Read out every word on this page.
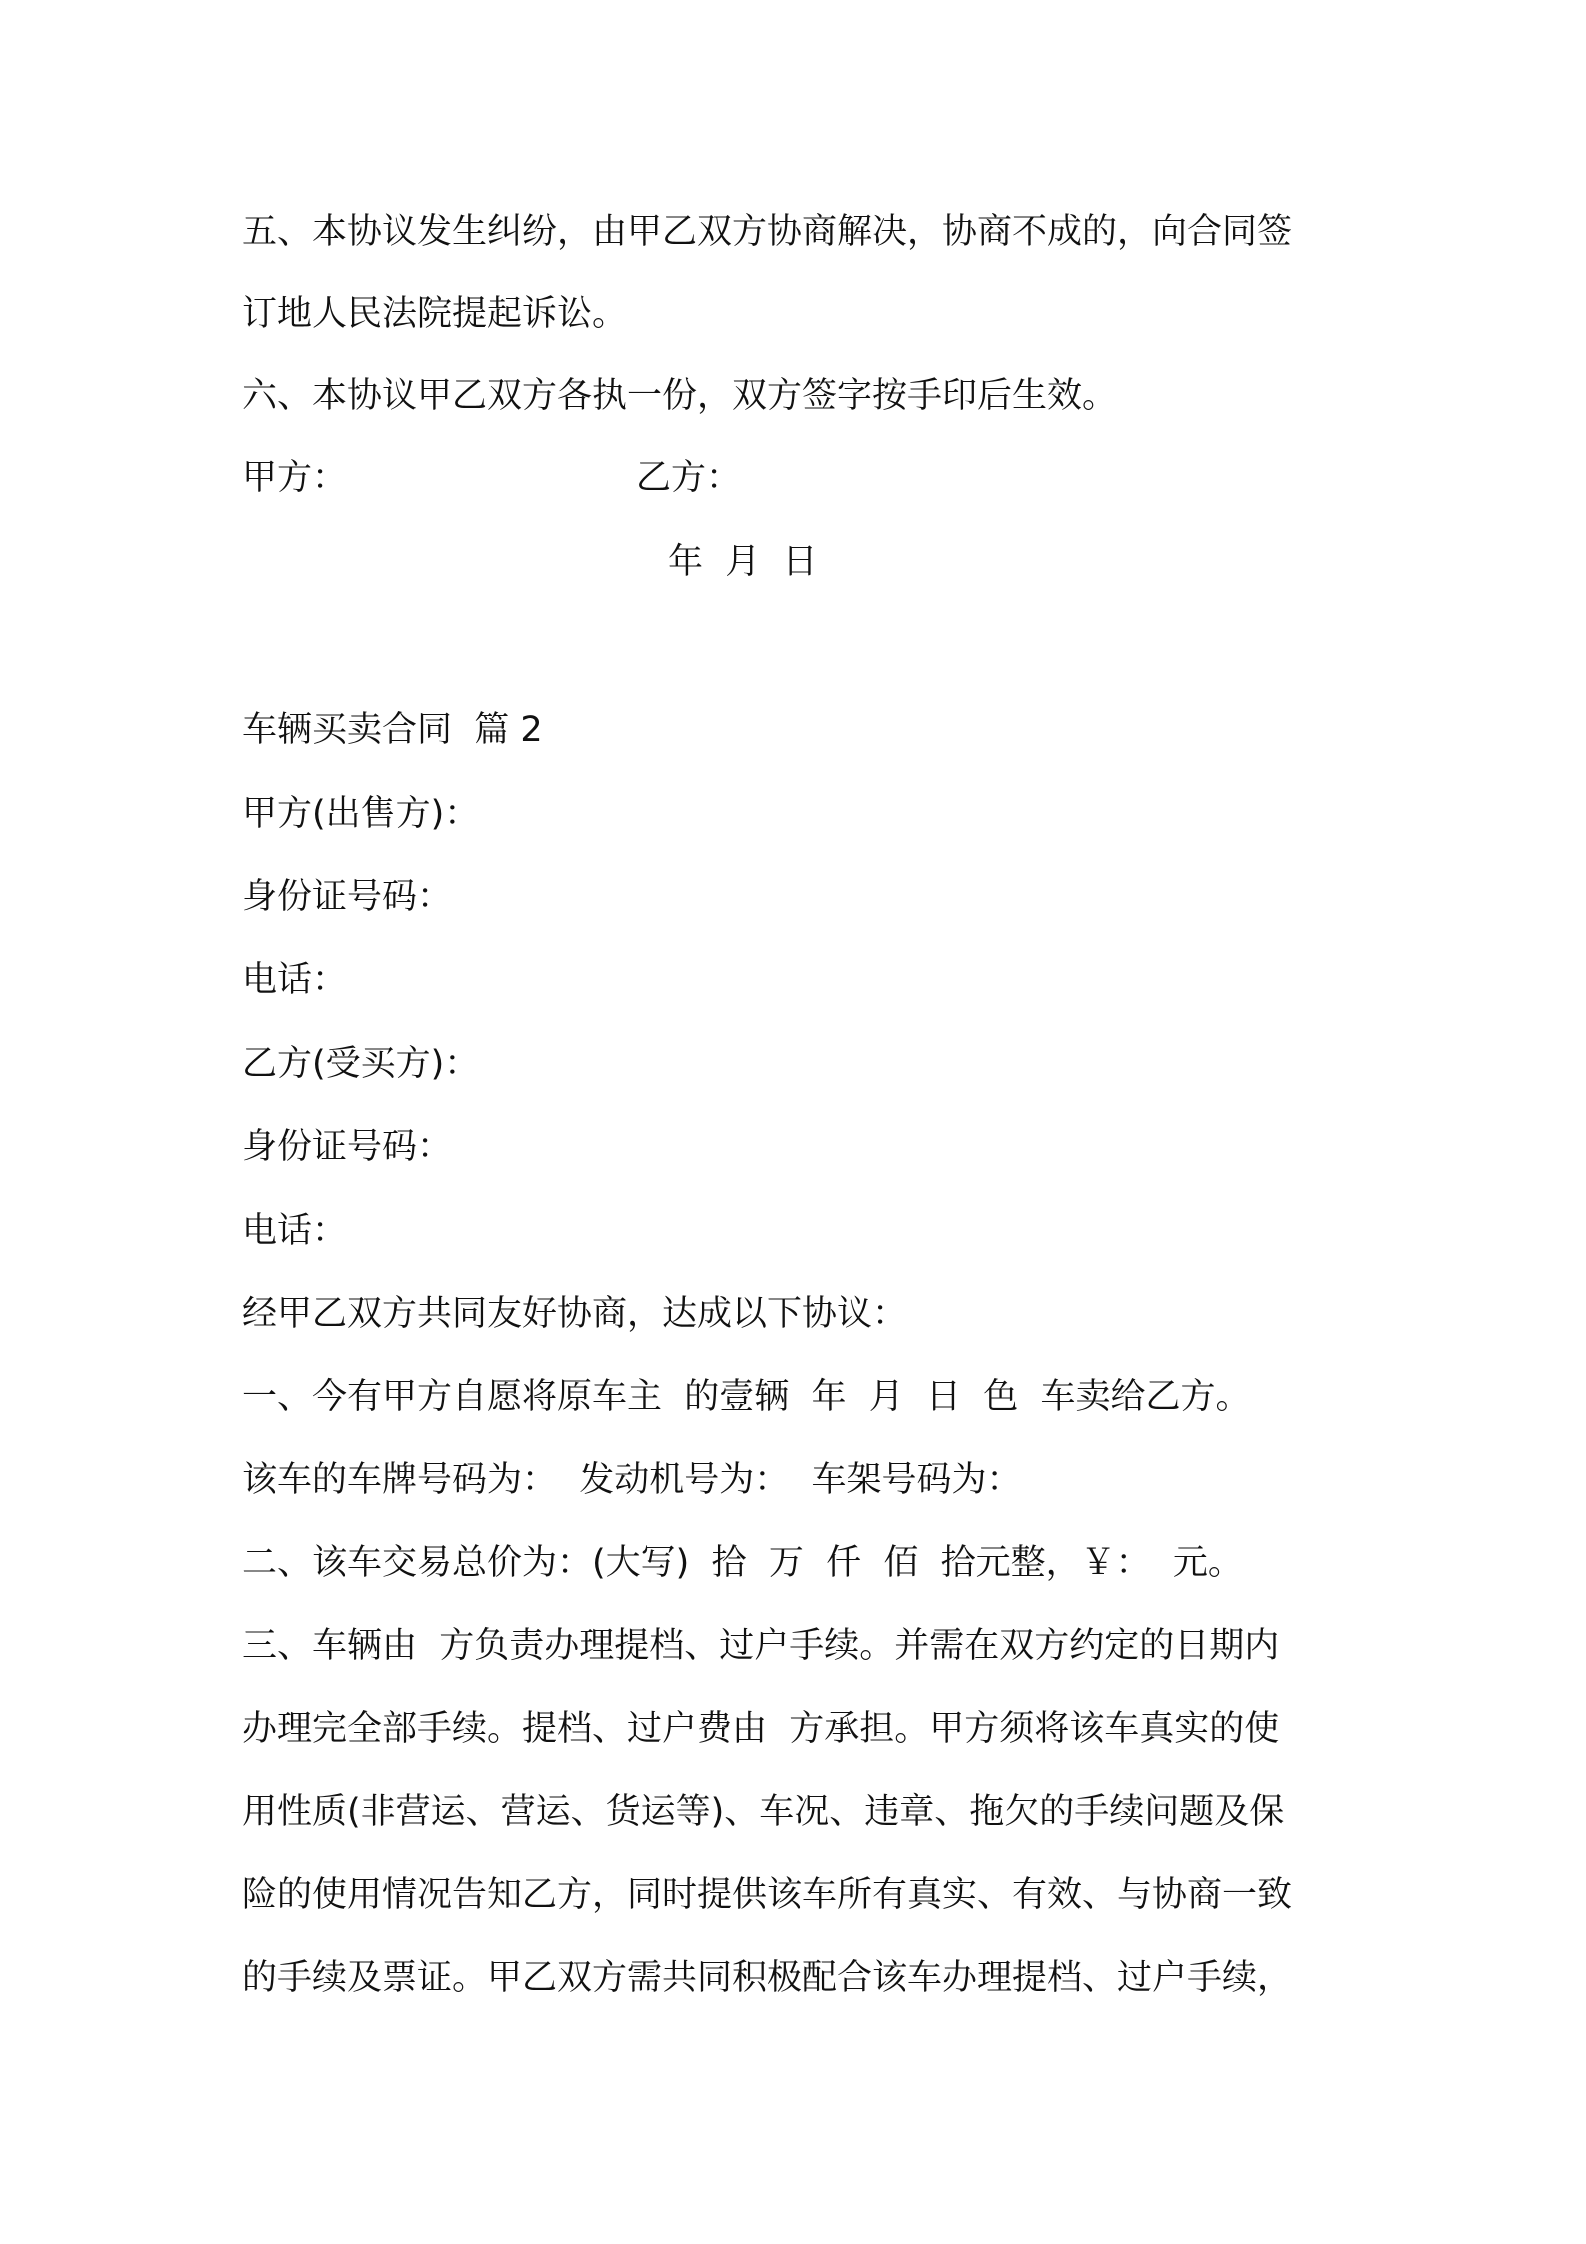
五、本协议发生纠纷，由甲乙双方协商解决，协商不成的，向合同签

订地人民法院提起诉讼。

六、本协议甲乙双方各执一份，双方签字按手印后生效。

甲方：	乙方：

年  月  日

车辆买卖合同  篇 2

甲方(出售方)：

身份证号码：

电话：

乙方(受买方)：

身份证号码：

电话：

经甲乙双方共同友好协商，达成以下协议：

一、今有甲方自愿将原车主  的壹辆  年  月  日  色  车卖给乙方。

该车的车牌号码为：  发动机号为：  车架号码为：

二、该车交易总价为：(大写)  拾  万  仟  佰  拾元整，￥：  元。

三、车辆由  方负责办理提档、过户手续。并需在双方约定的日期内

办理完全部手续。提档、过户费由  方承担。甲方须将该车真实的使

用性质(非营运、营运、货运等)、车况、违章、拖欠的手续问题及保

险的使用情况告知乙方，同时提供该车所有真实、有效、与协商一致

的手续及票证。甲乙双方需共同积极配合该车办理提档、过户手续，
